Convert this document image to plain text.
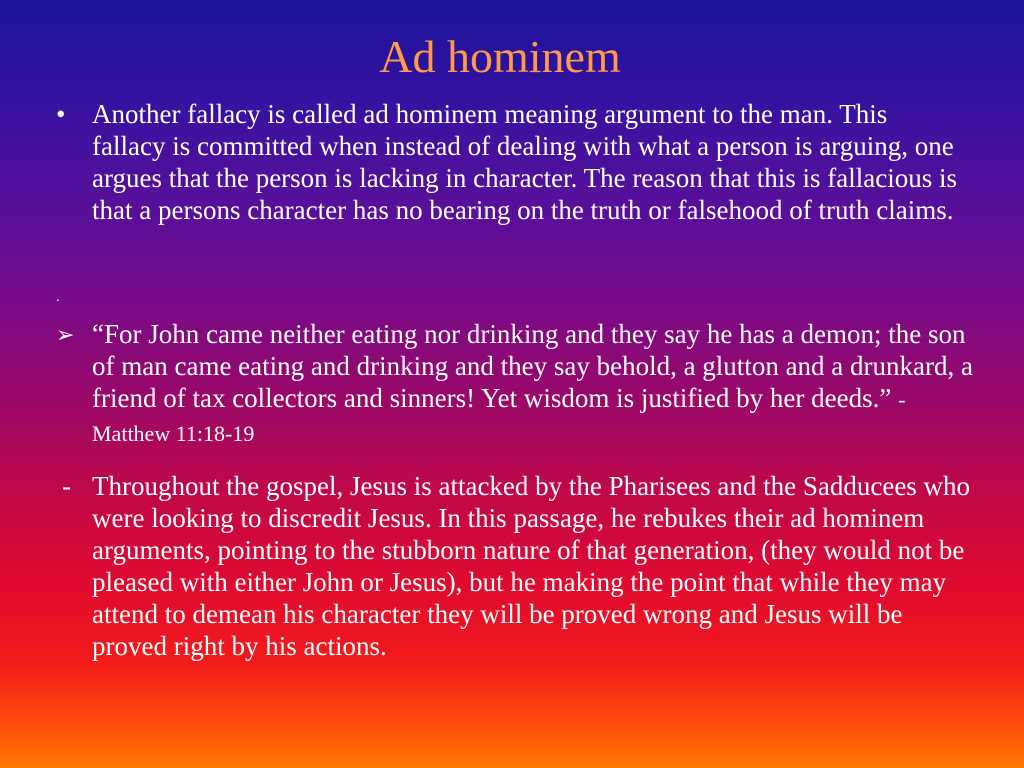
Ad hominem
• Another fallacy is called ad hominem meaning argument to the man. This fallacy is committed when instead of dealing with what a person is arguing, one argues that the person is lacking in character. The reason that this is fallacious is that a persons character has no bearing on the truth or falsehood of truth claims.
.
➢ “For John came neither eating nor drinking and they say he has a demon; the son of man came eating and drinking and they say behold, a glutton and a drunkard, a friend of tax collectors and sinners! Yet wisdom is justified by her deeds.” -Matthew 11:18-19
- Throughout the gospel, Jesus is attacked by the Pharisees and the Sadducees who were looking to discredit Jesus. In this passage, he rebukes their ad hominem arguments, pointing to the stubborn nature of that generation, (they would not be pleased with either John or Jesus), but he making the point that while they may attend to demean his character they will be proved wrong and Jesus will be proved right by his actions.
